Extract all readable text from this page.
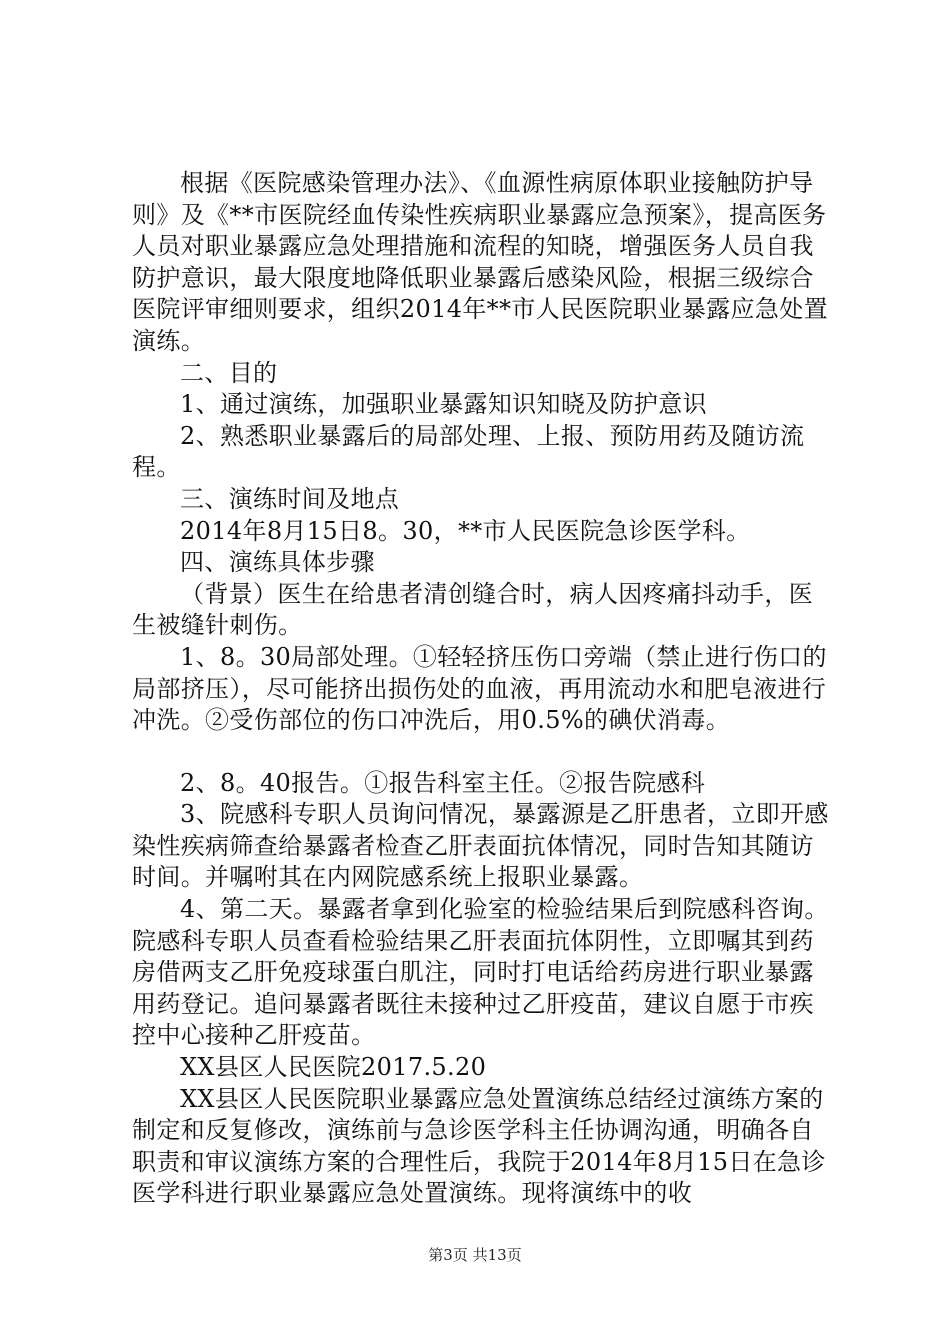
根据《医院感染管理办法》、《血源性病原体职业接触防护导则》及《**市医院经血传染性疾病职业暴露应急预案》，提高医务人员对职业暴露应急处理措施和流程的知晓，增强医务人员自我防护意识，最大限度地降低职业暴露后感染风险，根据三级综合医院评审细则要求，组织2014年**市人民医院职业暴露应急处置演练。

二、目的

1、通过演练，加强职业暴露知识知晓及防护意识

2、熟悉职业暴露后的局部处理、上报、预防用药及随访流程。

三、演练时间及地点

2014年8月15日8。30，**市人民医院急诊医学科。

四、演练具体步骤

（背景）医生在给患者清创缝合时，病人因疼痛抖动手，医生被缝针刺伤。

1、8。30局部处理。①轻轻挤压伤口旁端（禁止进行伤口的局部挤压），尽可能挤出损伤处的血液，再用流动水和肥皂液进行冲洗。②受伤部位的伤口冲洗后，用0.5%的碘伏消毒。

2、8。40报告。①报告科室主任。②报告院感科

3、院感科专职人员询问情况，暴露源是乙肝患者，立即开感染性疾病筛查给暴露者检查乙肝表面抗体情况，同时告知其随访时间。并嘱咐其在内网院感系统上报职业暴露。

4、第二天。暴露者拿到化验室的检验结果后到院感科咨询。院感科专职人员查看检验结果乙肝表面抗体阴性，立即嘱其到药房借两支乙肝免疫球蛋白肌注，同时打电话给药房进行职业暴露用药登记。追问暴露者既往未接种过乙肝疫苗，建议自愿于市疾控中心接种乙肝疫苗。

XX县区人民医院2017.5.20

XX县区人民医院职业暴露应急处置演练总结经过演练方案的制定和反复修改，演练前与急诊医学科主任协调沟通，明确各自职责和审议演练方案的合理性后，我院于2014年8月15日在急诊医学科进行职业暴露应急处置演练。现将演练中的收

第3页 共13页
